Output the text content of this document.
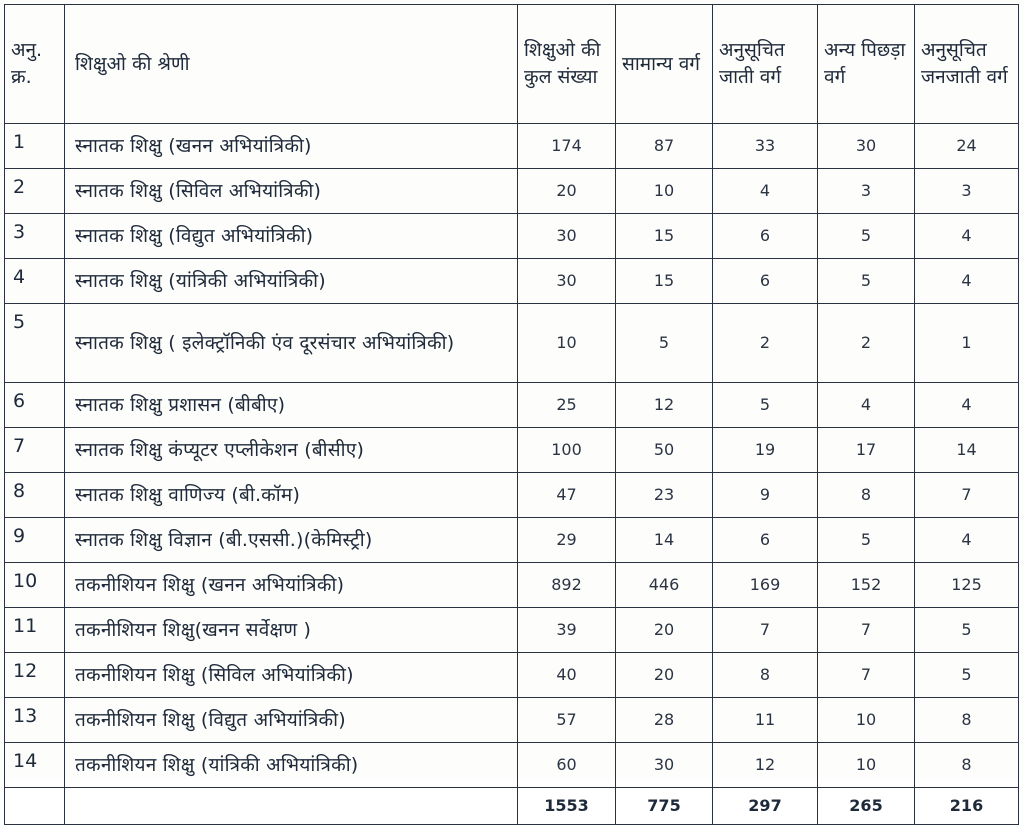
अनु. क्र.	शिक्षुओ की श्रेणी	शिक्षुओ की कुल संख्या	सामान्य वर्ग	अनुसूचित जाती वर्ग	अन्य पिछड़ा वर्ग	अनुसूचित जनजाती वर्ग
1	स्नातक शिक्षु (खनन अभियांत्रिकी)	174	87	33	30	24
2	स्नातक शिक्षु (सिविल अभियांत्रिकी)	20	10	4	3	3
3	स्नातक शिक्षु (विद्युत अभियांत्रिकी)	30	15	6	5	4
4	स्नातक शिक्षु (यांत्रिकी अभियांत्रिकी)	30	15	6	5	4
5	स्नातक शिक्षु ( इलेक्ट्रॉनिकी एंव दूरसंचार अभियांत्रिकी)	10	5	2	2	1
6	स्नातक शिक्षु प्रशासन (बीबीए)	25	12	5	4	4
7	स्नातक शिक्षु कंप्यूटर एप्लीकेशन (बीसीए)	100	50	19	17	14
8	स्नातक शिक्षु वाणिज्य (बी.कॉम)	47	23	9	8	7
9	स्नातक शिक्षु विज्ञान (बी.एससी.)(केमिस्ट्री)	29	14	6	5	4
10	तकनीशियन शिक्षु (खनन अभियांत्रिकी)	892	446	169	152	125
11	तकनीशियन शिक्षु(खनन सर्वेक्षण )	39	20	7	7	5
12	तकनीशियन शिक्षु (सिविल अभियांत्रिकी)	40	20	8	7	5
13	तकनीशियन शिक्षु (विद्युत अभियांत्रिकी)	57	28	11	10	8
14	तकनीशियन शिक्षु (यांत्रिकी अभियांत्रिकी)	60	30	12	10	8
		1553	775	297	265	216
